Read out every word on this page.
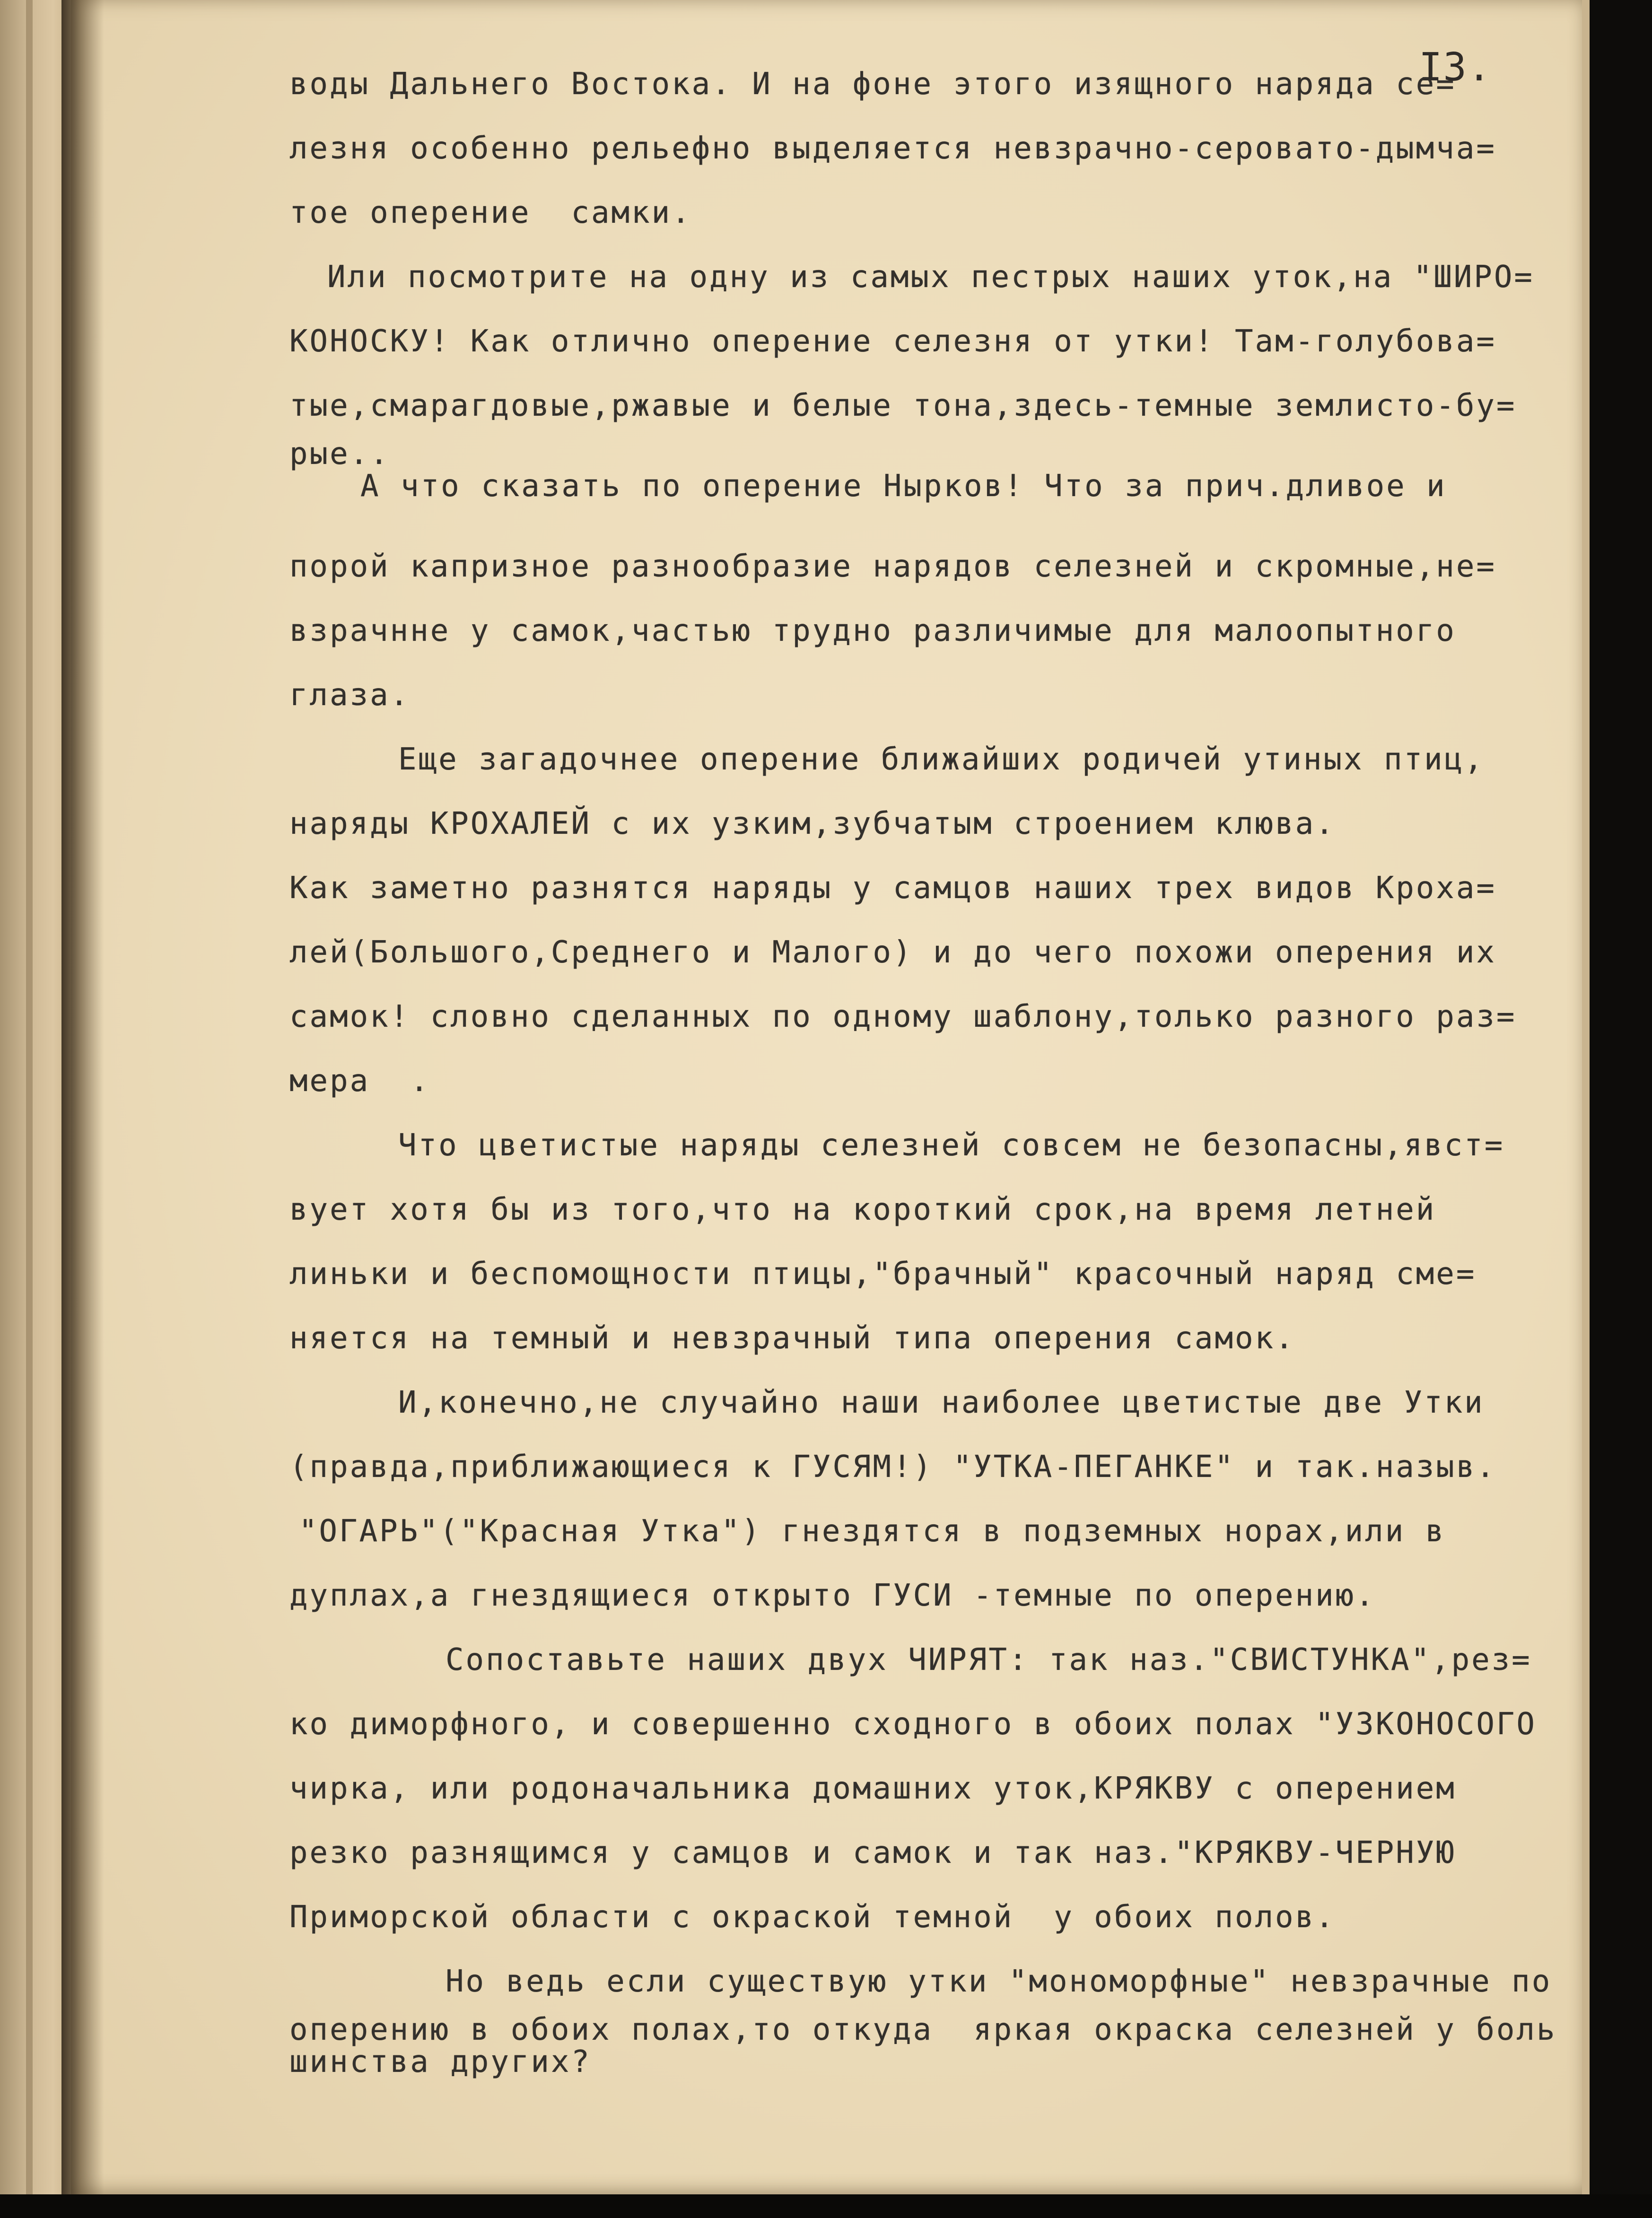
I3.

воды Дальнего Востока. И на фоне этого изящного наряда се=
лезня особенно рельефно выделяется невзрачно-серовато-дымча=
тое оперение  самки.
Или посмотрите на одну из самых пестрых наших уток,на "ШИРО=
КОНОСКУ! Как отлично оперение селезня от утки! Там-голубова=
тые,смарагдовые,ржавые и белые тона,здесь-темные землисто-бу=
рые..
А что сказать по оперение Нырков! Что за прич.дливое и
порой капризное разнообразие нарядов селезней и скромные,не=
взрачнне у самок,частью трудно различимые для малоопытного
глаза.
Еще загадочнее оперение ближайших родичей утиных птиц,
наряды КРОХАЛЕЙ с их узким,зубчатым строением клюва.
Как заметно разнятся наряды у самцов наших трех видов Кроха=
лей(Большого,Среднего и Малого) и до чего похожи оперения их
самок! словно сделанных по одному шаблону,только разного раз=
мера  .
Что цветистые наряды селезней совсем не безопасны,явст=
вует хотя бы из того,что на короткий срок,на время летней
линьки и беспомощности птицы,"брачный" красочный наряд сме=
няется на темный и невзрачный типа оперения самок.
И,конечно,не случайно наши наиболее цветистые две Утки
(правда,приближающиеся к ГУСЯМ!) "УТКА-ПЕГАНКЕ" и так.назыв.
"ОГАРЬ"("Красная Утка") гнездятся в подземных норах,или в
дуплах,а гнездящиеся открыто ГУСИ -темные по оперению.
Сопоставьте наших двух ЧИРЯТ: так наз."СВИСТУНКА",рез=
ко диморфного, и совершенно сходного в обоих полах "УЗКОНОСОГО
чирка, или родоначальника домашних уток,КРЯКВУ с оперением
резко разнящимся у самцов и самок и так наз."КРЯКВУ-ЧЕРНУЮ
Приморской области с окраской темной  у обоих полов.
Но ведь если существую утки "мономорфные" невзрачные по
оперению в обоих полах,то откуда  яркая окраска селезней у боль
шинства других?
